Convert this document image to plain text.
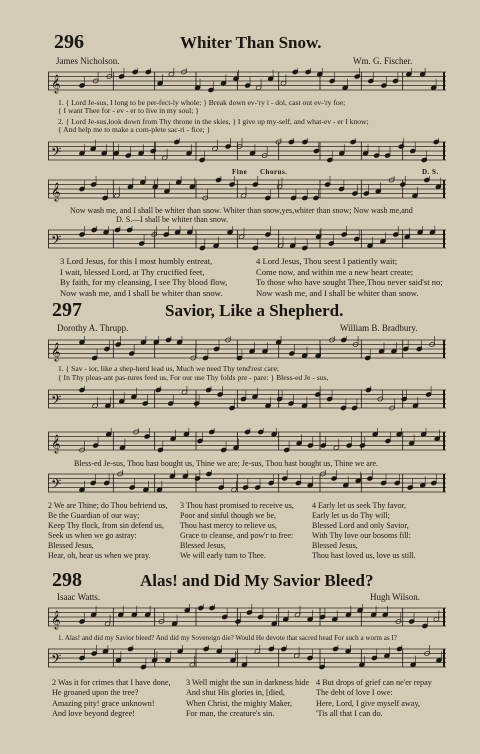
296	Whiter Than Snow.
James Nicholson.	Wm. G. Fischer.
𝄞
1. { Lord Je-sus, I long to be per-fect-ly whole; } Break down ev-'ry i - dol, cast out ev-'ry foe;
{ I want Thee for - ev - er to live in my soul; }
2. { Lord Je-sus,look down from Thy throne in the skies, } I give up my-self, and what-ev - er I know;
{ And help me to make a com-plete sac-ri - fice; }
𝄢
Fine Chorus.	D. S.
𝄞
Now wash me, and I shall be whiter than snow. Whiter than snow,yes,whiter than snow; Now wash me,and
D. S.—I shall be whiter than snow.
𝄢
3 Lord Jesus, for this I most humbly entreat,
I wait, blessed Lord, at Thy crucified feet,
By faith, for my cleansing, I see Thy blood flow,
Now wash me, and I shall be whiter than snow.
4 Lord Jesus, Thou seest I patiently wait;
Come now, and within me a new heart create;
To those who have sought Thee,Thou never said'st no;
Now wash me, and I shall be whiter than snow.
297	Savior, Like a Shepherd.
Dorothy A. Thrupp.	William B. Bradbury.
𝄞
1. { Sav - ior, like a shep-herd lead us, Much we need Thy tend'rest care;
{ In Thy pleas-ant pas-tures feed us, For our use Thy folds pre - pare: } Bless-ed Je - sus,
𝄢
𝄞
Bless-ed Je-sus, Thou hast bought us, Thine we are; Je-sus, Thou hast bought us, Thine we are.
𝄢
2 We are Thine; do Thou befriend us,
Be the Guardian of our way;
Keep Thy flock, from sin defend us,
Seek us when we go astray:
Blessed Jesus,
Hear, oh, hear us when we pray.
3 Thou hast promised to receive us,
Poor and sinful though we be,
Thou hast mercy to relieve us,
Grace to cleanse, and pow'r to free:
Blessed Jesus,
We will early turn to Thee.
4 Early let us seek Thy favor,
Early let us do Thy will;
Blessed Lord and only Savior,
With Thy love our bosoms fill:
Blessed Jesus,
Thou hast loved us, love us still.
298	Alas! and Did My Savior Bleed?
Isaac Watts.	Hugh Wilson.
𝄞
1. Alas! and did my Savior bleed? And did my Sovereign die? Would He devote that sacred head For such a worm as I?
𝄢
2 Was it for crimes that I have done,
He groaned upon the tree?
Amazing pity! grace unknown!
And love beyond degree!
3 Well might the sun in darkness hide
And shut His glories in, [died,
When Christ, the mighty Maker,
For man, the creature's sin.
4 But drops of grief can ne'er repay
The debt of love I owe:
Here, Lord, I give myself away,
'Tis all that I can do.
